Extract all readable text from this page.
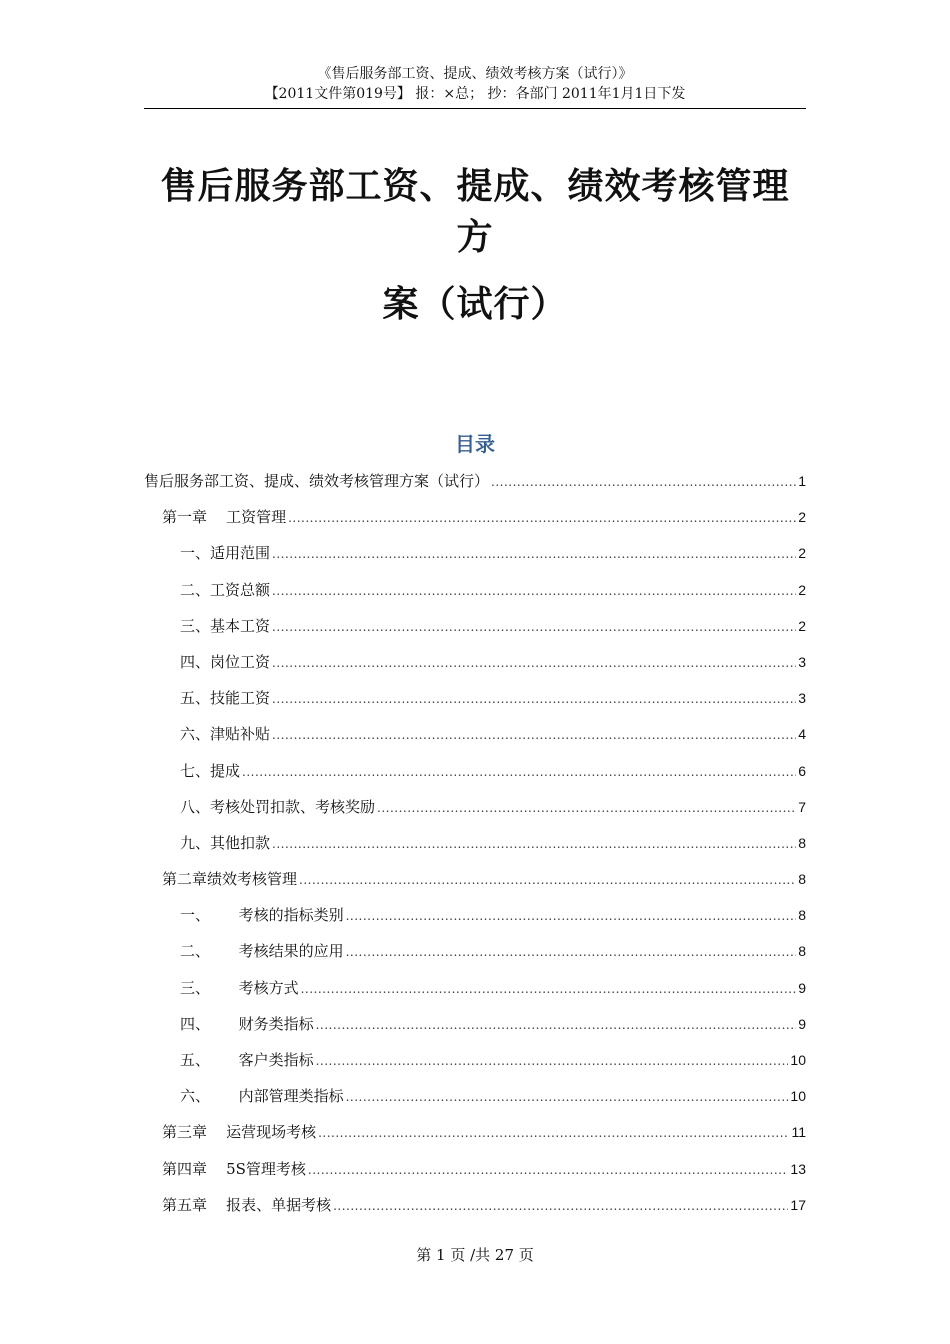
《售后服务部工资、提成、绩效考核方案（试行）》
【2011文件第019号】 报：×总； 抄：各部门 2011年1月1日下发
售后服务部工资、提成、绩效考核管理方
案（试行）
目录
售后服务部工资、提成、绩效考核管理方案（试行） .....	1
第一章    工资管理 .....	2
一、适用范围 .....	2
二、工资总额 .....	2
三、基本工资 .....	2
四、岗位工资 .....	3
五、技能工资 .....	3
六、津贴补贴 .....	4
七、提成 .....	6
八、考核处罚扣款、考核奖励 .....	7
九、其他扣款 .....	8
第二章绩效考核管理 .....	8
一、      考核的指标类别 .....	8
二、      考核结果的应用 .....	8
三、      考核方式 .....	9
四、      财务类指标 .....	9
五、      客户类指标 .....	10
六、      内部管理类指标 .....	10
第三章    运营现场考核 .....	11
第四章    5S管理考核 .....	13
第五章    报表、单据考核 .....	17
第 1 页 /共 27 页
